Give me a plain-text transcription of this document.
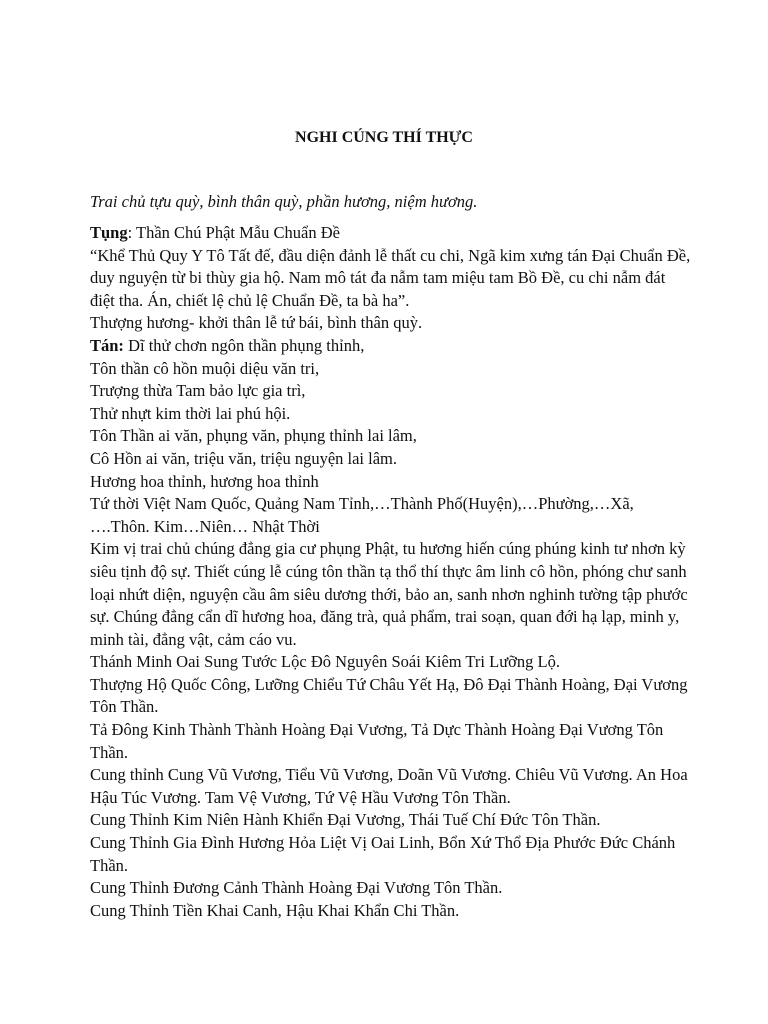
NGHI CÚNG THÍ THỰC
Trai chủ tựu quỳ, bình thân quỳ, phần hương, niệm hương.

Tụng: Thần Chú Phật Mẫu Chuẩn Đề

“Khể Thủ Quy Y Tô Tất đế, đầu diện đảnh lễ thất cu chi, Ngã kim xưng tán Đại Chuẩn Đề, duy nguyện từ bi thùy gia hộ. Nam mô tát đa nẫm tam miệu tam Bồ Đề, cu chi nẫm đát điệt tha. Án, chiết lệ chủ lệ Chuẩn Đề, ta bà ha”.

Thượng hương- khởi thân lễ tứ bái, bình thân quỳ.

Tán: Dĩ thử chơn ngôn thần phụng thỉnh,

Tôn thần cô hồn muội diệu văn tri,

Trượng thừa Tam bảo lực gia trì,

Thử nhựt kim thời lai phú hội.

Tôn Thần ai văn, phụng văn, phụng thỉnh lai lâm,

Cô Hồn ai văn, triệu văn, triệu nguyện lai lâm.

Hương hoa thỉnh, hương hoa thỉnh

Tứ thời Việt Nam Quốc, Quảng Nam Tỉnh,…Thành Phố(Huyện),…Phường,…Xã, ….Thôn. Kim…Niên… Nhật Thời

Kim vị trai chủ chúng đẳng gia cư phụng Phật, tu hương hiến cúng phúng kinh tư nhơn kỳ siêu tịnh độ sự. Thiết cúng lễ cúng tôn thần tạ thổ thí thực âm linh cô hồn, phóng chư sanh loại nhứt diện, nguyện cầu âm siêu dương thới, bảo an, sanh nhơn nghinh tường tập phước sự. Chúng đẳng cẩn dĩ hương hoa, đăng trà, quả phẩm, trai soạn, quan đới hạ lạp, minh y, minh tài, đẳng vật, cảm cáo vu.

Thánh Minh Oai Sung Tước Lộc Đô Nguyên Soái Kiêm Tri Lưỡng Lộ.

Thượng Hộ Quốc Công, Lưỡng Chiểu Tứ Châu Yết Hạ, Đô Đại Thành Hoàng, Đại Vương Tôn Thần.

Tả Đông Kinh Thành Thành Hoàng Đại Vương, Tả Dực Thành Hoàng Đại Vương Tôn Thần.

Cung thỉnh Cung Vũ Vương, Tiểu Vũ Vương, Doãn Vũ Vương. Chiêu Vũ Vương. An Hoa Hậu Túc Vương. Tam Vệ Vương, Tứ Vệ Hầu Vương Tôn Thần.

Cung Thỉnh Kim Niên Hành Khiển Đại Vương, Thái Tuế Chí Đức Tôn Thần.

Cung Thỉnh Gia Đình Hương Hỏa Liệt Vị Oai Linh, Bổn Xứ Thổ Địa Phước Đức Chánh Thần.

Cung Thỉnh Đương Cảnh Thành Hoàng Đại Vương Tôn Thần.

Cung Thỉnh Tiền Khai Canh, Hậu Khai Khẩn Chi Thần.
